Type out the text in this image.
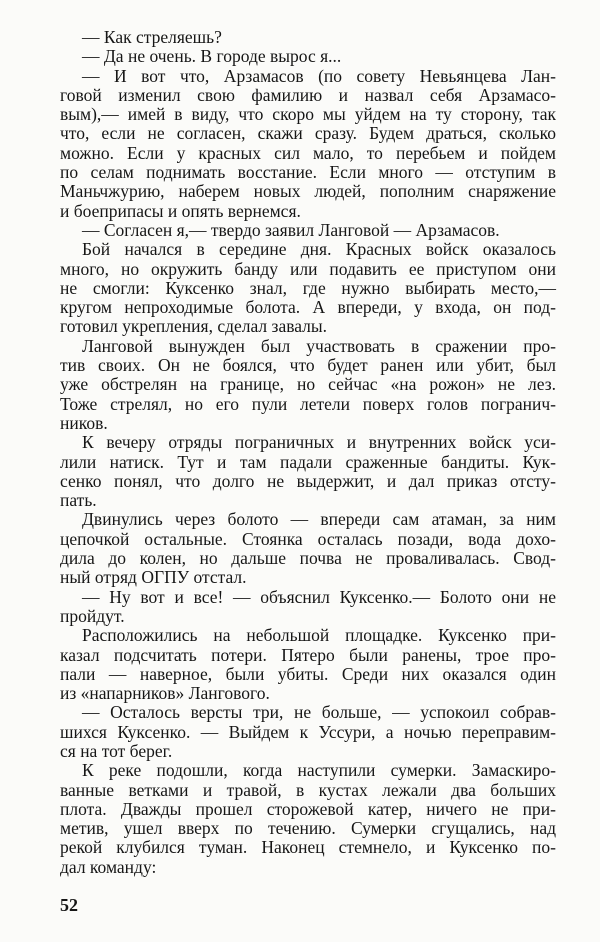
— Как стреляешь?
— Да не очень. В городе вырос я...
— И вот что, Арзамасов (по совету Невьянцева Лан-
говой изменил свою фамилию и назвал себя Арзамасо-
вым),— имей в виду, что скоро мы уйдем на ту сторону, так
что, если не согласен, скажи сразу. Будем драться, сколько
можно. Если у красных сил мало, то перебьем и пойдем
по селам поднимать восстание. Если много — отступим в
Маньчжурию, наберем новых людей, пополним снаряжение
и боеприпасы и опять вернемся.
— Согласен я,— твердо заявил Ланговой — Арзамасов.
Бой начался в середине дня. Красных войск оказалось
много, но окружить банду или подавить ее приступом они
не смогли: Куксенко знал, где нужно выбирать место,—
кругом непроходимые болота. А впереди, у входа, он под-
готовил укрепления, сделал завалы.
Ланговой вынужден был участвовать в сражении про-
тив своих. Он не боялся, что будет ранен или убит, был
уже обстрелян на границе, но сейчас «на рожон» не лез.
Тоже стрелял, но его пули летели поверх голов погранич-
ников.
К вечеру отряды пограничных и внутренних войск уси-
лили натиск. Тут и там падали сраженные бандиты. Кук-
сенко понял, что долго не выдержит, и дал приказ отсту-
пать.
Двинулись через болото — впереди сам атаман, за ним
цепочкой остальные. Стоянка осталась позади, вода дохо-
дила до колен, но дальше почва не проваливалась. Свод-
ный отряд ОГПУ отстал.
— Ну вот и все! — объяснил Куксенко.— Болото они не
пройдут.
Расположились на небольшой площадке. Куксенко при-
казал подсчитать потери. Пятеро были ранены, трое про-
пали — наверное, были убиты. Среди них оказался один
из «напарников» Лангового.
— Осталось версты три, не больше, — успокоил собрав-
шихся Куксенко. — Выйдем к Уссури, а ночью переправим-
ся на тот берег.
К реке подошли, когда наступили сумерки. Замаскиро-
ванные ветками и травой, в кустах лежали два больших
плота. Дважды прошел сторожевой катер, ничего не при-
метив, ушел вверх по течению. Сумерки сгущались, над
рекой клубился туман. Наконец стемнело, и Куксенко по-
дал команду:
52
